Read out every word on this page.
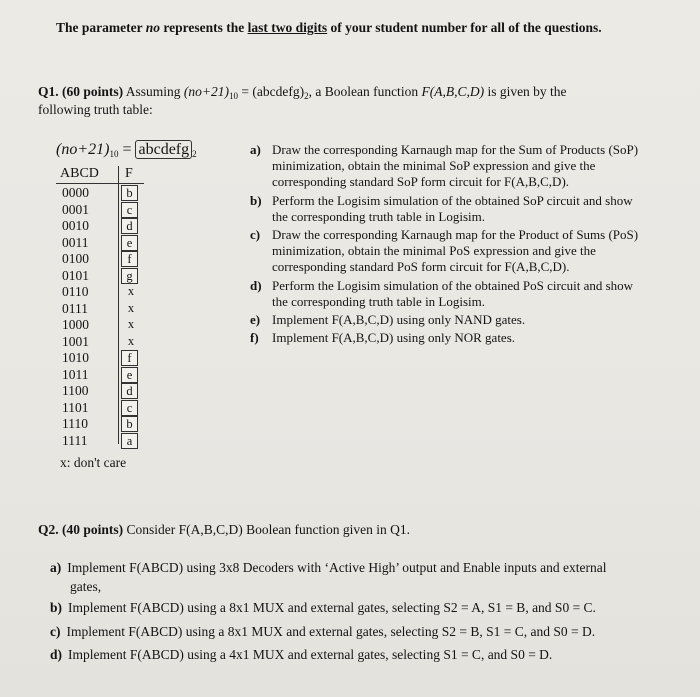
The parameter no represents the last two digits of your student number for all of the questions.
Q1. (60 points) Assuming $(no+21)_{10}$ = $(abcdefg)_2$, a Boolean function F(A,B,C,D) is given by the
following truth table:
$(no+21)_{10}$ = abcdefg $_2$
ABCD F
0000	b
0001	c
0010	d
0011	e
0100	f
0101	g
0110	x
0111	x
1000	x
1001	x
1010	f
1011	e
1100	d
1101	c
1110	b
1111	a
x: don't care
a) Draw the corresponding Karnaugh map for the Sum of Products (SoP) minimization, obtain the minimal SoP expression and give the corresponding standard SoP form circuit for F(A,B,C,D).
b) Perform the Logisim simulation of the obtained SoP circuit and show the corresponding truth table in Logisim.
c) Draw the corresponding Karnaugh map for the Product of Sums (PoS) minimization, obtain the minimal PoS expression and give the corresponding standard PoS form circuit for F(A,B,C,D).
d) Perform the Logisim simulation of the obtained PoS circuit and show the corresponding truth table in Logisim.
e) Implement F(A,B,C,D) using only NAND gates.
f) Implement F(A,B,C,D) using only NOR gates.
Q2. (40 points) Consider F(A,B,C,D) Boolean function given in Q1.
a) Implement F(ABCD) using 3x8 Decoders with ‘Active High’ output and Enable inputs and external
gates,
b) Implement F(ABCD) using a 8x1 MUX and external gates, selecting S2 = A, S1 = B, and S0 = C.
c) Implement F(ABCD) using a 8x1 MUX and external gates, selecting S2 = B, S1 = C, and S0 = D.
d) Implement F(ABCD) using a 4x1 MUX and external gates, selecting S1 = C, and S0 = D.
